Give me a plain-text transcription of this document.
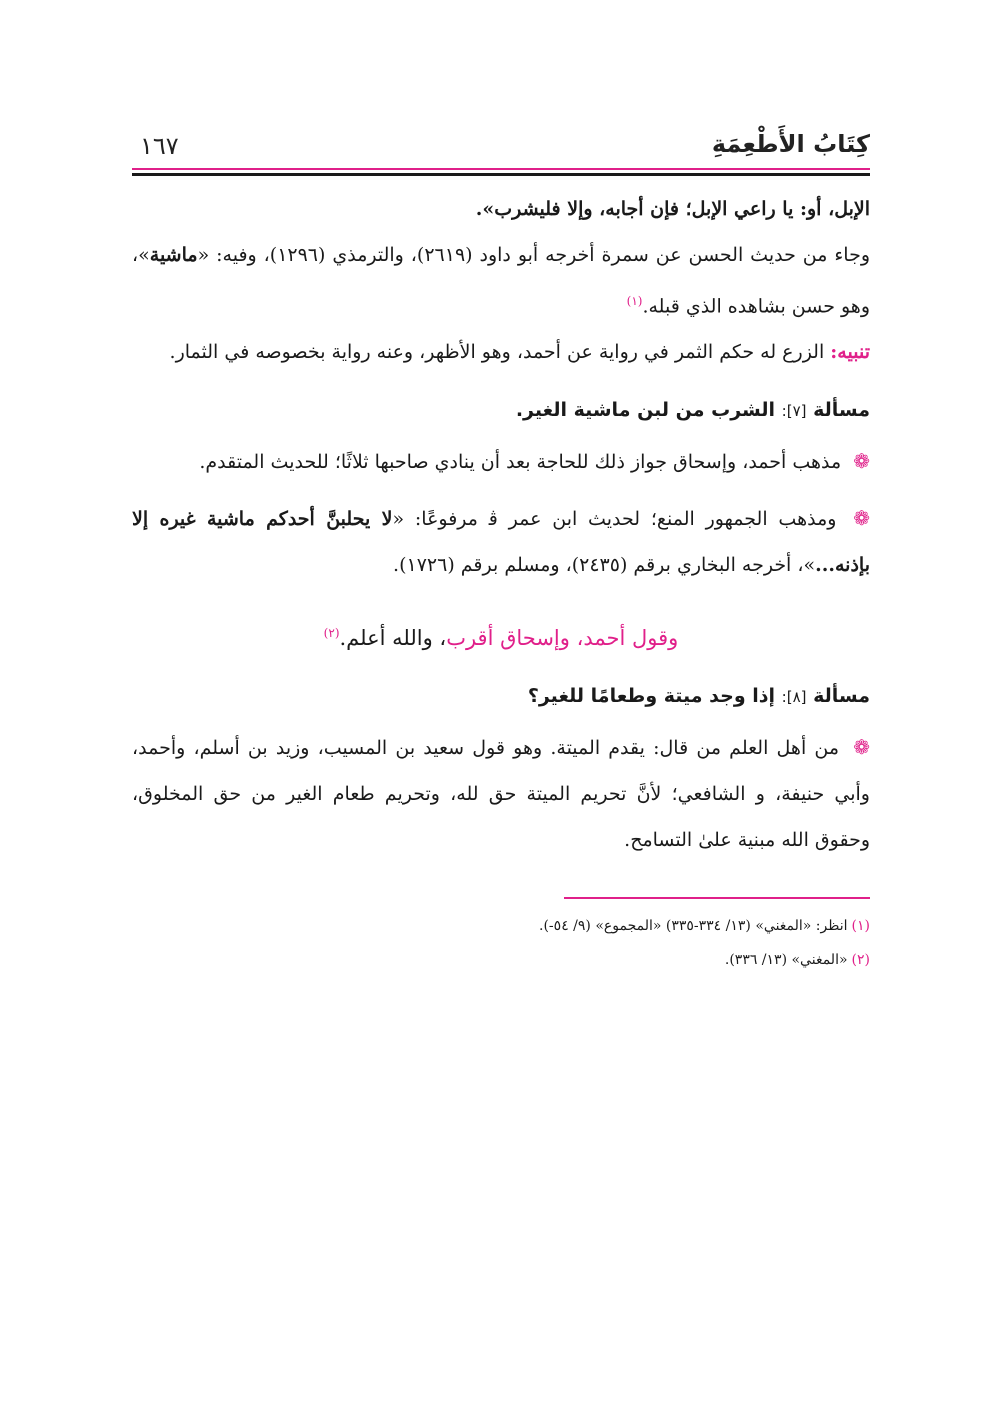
كِتَابُ الأَطْعِمَةِ
١٦٧

الإبل، أو: يا راعي الإبل؛ فإن أجابه، وإلا فليشرب».

وجاء من حديث الحسن عن سمرة أخرجه أبو داود (٢٦١٩)، والترمذي (١٢٩٦)، وفيه: «ماشية»، وهو حسن بشاهده الذي قبله.$^{(١)}$

تنبيه: الزرع له حكم الثمر في رواية عن أحمد، وهو الأظهر، وعنه رواية بخصوصه في الثمار.

مسألة [٧]: الشرب من لبن ماشية الغير.

❁ مذهب أحمد، وإسحاق جواز ذلك للحاجة بعد أن ينادي صاحبها ثلاثًا؛ للحديث المتقدم.

❁ ومذهب الجمهور المنع؛ لحديث ابن عمر ﭬ مرفوعًا: «لا يحلبنَّ أحدكم ماشية غيره إلا بإذنه...»، أخرجه البخاري برقم (٢٤٣٥)، ومسلم برقم (١٧٢٦).

وقول أحمد، وإسحاق أقرب، والله أعلم.$^{(٢)}$

مسألة [٨]: إذا وجد ميتة وطعامًا للغير؟

❁ من أهل العلم من قال: يقدم الميتة. وهو قول سعيد بن المسيب، وزيد بن أسلم، وأحمد، وأبي حنيفة، و الشافعي؛ لأنَّ تحريم الميتة حق لله، وتحريم طعام الغير من حق المخلوق، وحقوق الله مبنية علىٰ التسامح.

(١)انظر: «المغني» (١٣/ ٣٣٤-٣٣٥) «المجموع» (٩/ ٥٤-).

(٢)«المغني» (١٣/ ٣٣٦).
